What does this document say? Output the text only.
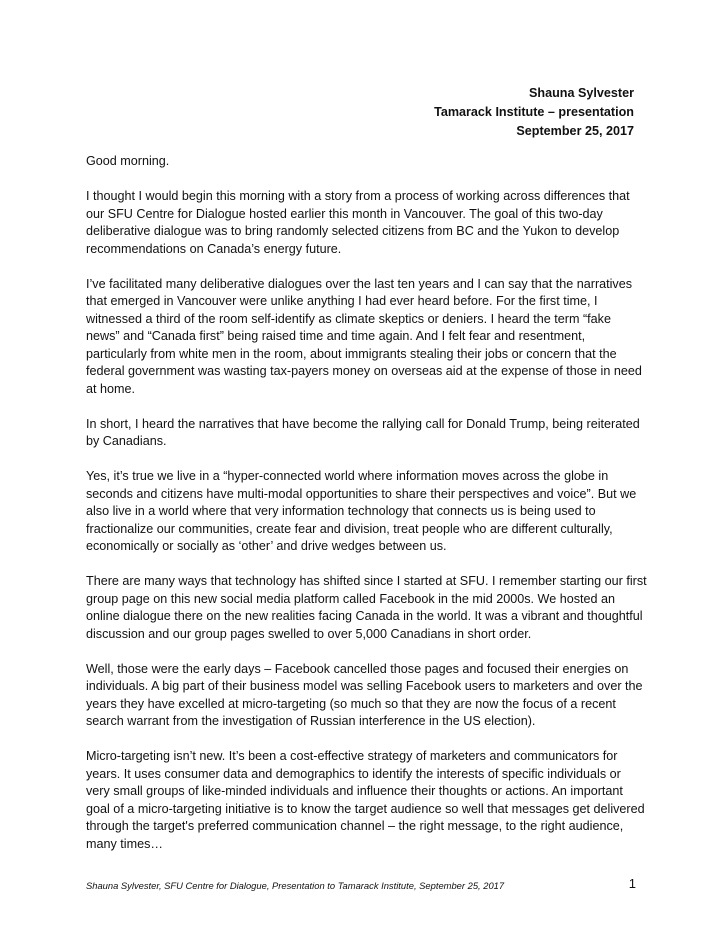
Shauna Sylvester
Tamarack Institute – presentation
September 25, 2017

Good morning.

I thought I would begin this morning with a story from a process of working across differences that our SFU Centre for Dialogue hosted earlier this month in Vancouver. The goal of this two-day deliberative dialogue was to bring randomly selected citizens from BC and the Yukon to develop recommendations on Canada’s energy future.

I’ve facilitated many deliberative dialogues over the last ten years and I can say that the narratives that emerged in Vancouver were unlike anything I had ever heard before. For the first time, I witnessed a third of the room self-identify as climate skeptics or deniers. I heard the term “fake news” and “Canada first” being raised time and time again. And I felt fear and resentment, particularly from white men in the room, about immigrants stealing their jobs or concern that the federal government was wasting tax-payers money on overseas aid at the expense of those in need at home.

In short, I heard the narratives that have become the rallying call for Donald Trump, being reiterated by Canadians.

Yes, it’s true we live in a “hyper-connected world where information moves across the globe in seconds and citizens have multi-modal opportunities to share their perspectives and voice”. But we also live in a world where that very information technology that connects us is being used to fractionalize our communities, create fear and division, treat people who are different culturally, economically or socially as ‘other’ and drive wedges between us.

There are many ways that technology has shifted since I started at SFU. I remember starting our first group page on this new social media platform called Facebook in the mid 2000s. We hosted an online dialogue there on the new realities facing Canada in the world. It was a vibrant and thoughtful discussion and our group pages swelled to over 5,000 Canadians in short order.

Well, those were the early days – Facebook cancelled those pages and focused their energies on individuals. A big part of their business model was selling Facebook users to marketers and over the years they have excelled at micro-targeting (so much so that they are now the focus of a recent search warrant from the investigation of Russian interference in the US election).

Micro-targeting isn’t new. It’s been a cost-effective strategy of marketers and communicators for years. It uses consumer data and demographics to identify the interests of specific individuals or very small groups of like-minded individuals and influence their thoughts or actions. An important goal of a micro-targeting initiative is to know the target audience so well that messages get delivered through the target's preferred communication channel – the right message, to the right audience, many times…

Shauna Sylvester, SFU Centre for Dialogue, Presentation to Tamarack Institute, September 25, 2017	1
